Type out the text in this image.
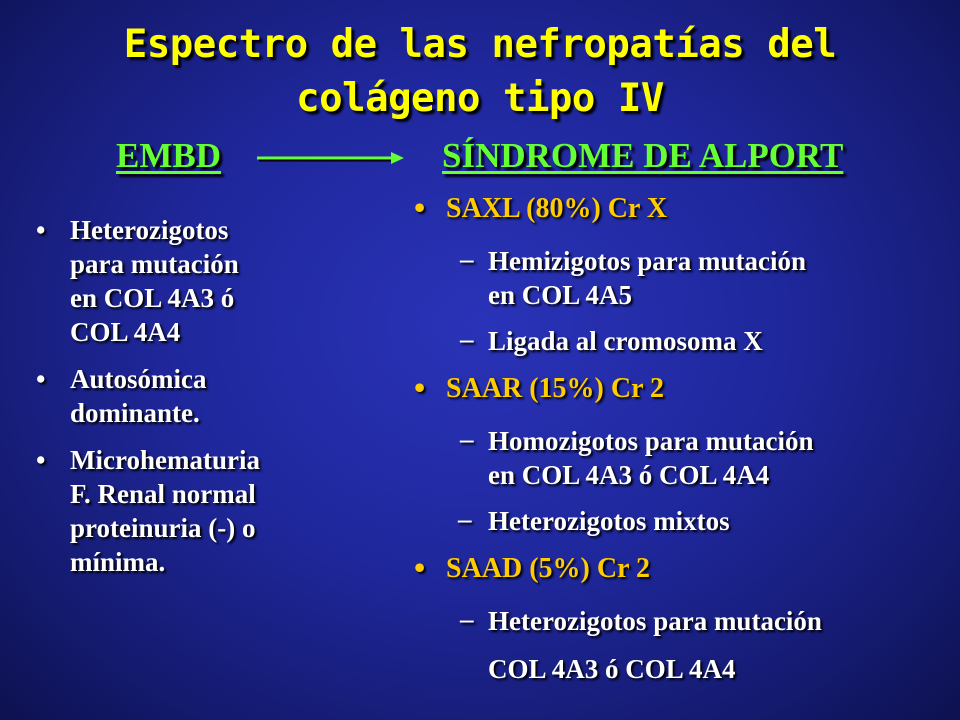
Espectro de las nefropatías del
colágeno tipo IV
EMBD	SÍNDROME DE ALPORT
• Heterozigotos
para mutación
en COL 4A3 ó
COL 4A4
• Autosómica
dominante.
• Microhematuria
F. Renal normal
proteinuria (-) o
mínima.
• SAXL (80%) Cr X
– Hemizigotos para mutación
en COL 4A5
– Ligada al cromosoma X
• SAAR (15%) Cr 2
– Homozigotos para mutación
en COL 4A3 ó COL 4A4
– Heterozigotos mixtos
• SAAD (5%) Cr 2
– Heterozigotos para mutación
COL 4A3 ó COL 4A4
